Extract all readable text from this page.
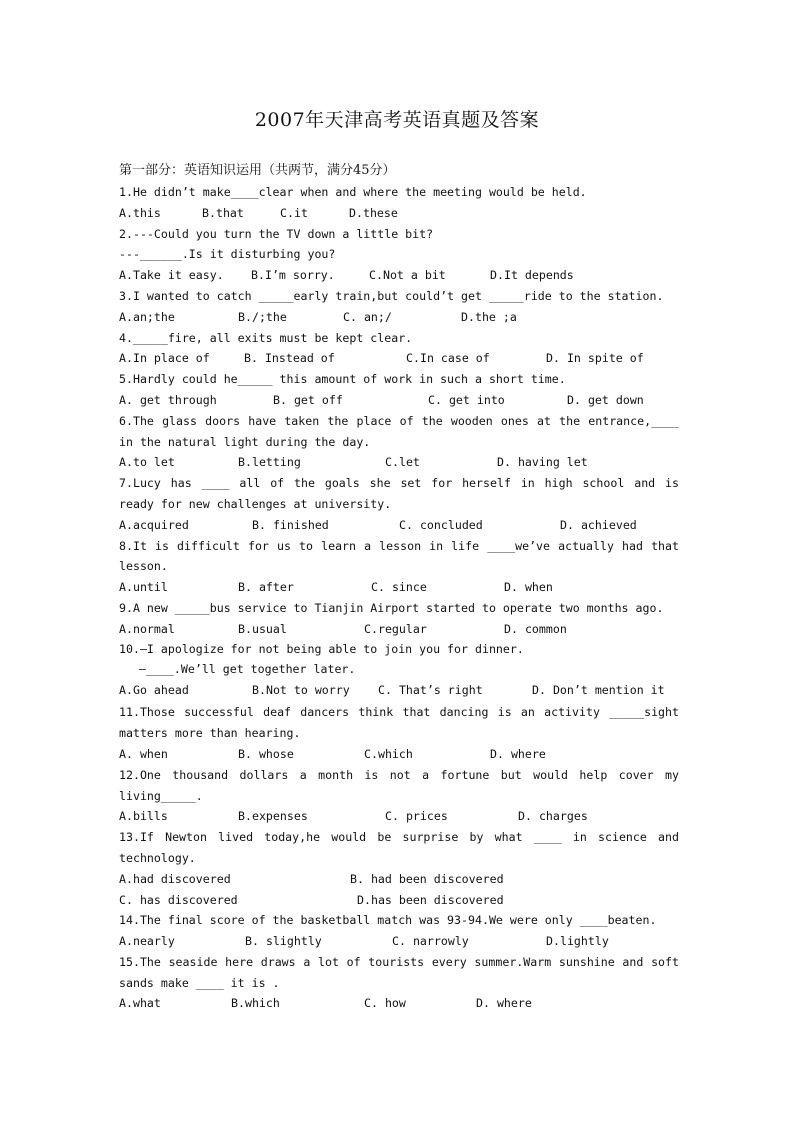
2007年天津高考英语真题及答案
第一部分：英语知识运用（共两节，满分45分）
1.He didn’t make____clear when and where the meeting would be held.

A.this

	B.that

	C.it

	D.these

2.---Could you turn the TV down a little bit?
---______.Is it disturbing you?

A.Take it easy.

B.I’m sorry.

	C.Not a bit

	D.It depends

3.I wanted to catch _____early train,but could’t get _____ride to the station.

A.an;the

	B./;the

	C. an;/

	D.the ;a

4._____fire, all exits must be kept clear.

A.In place of

	B. Instead of

	C.In case of

	D. In spite of

5.Hardly could he_____ this amount of work in such a short time.

A. get through

	B. get off

	C. get into

	D. get down

6.The glass doors have taken the place of the wooden ones at the entrance,____
in the natural light during the day.

A.to let

	B.letting

	C.let

	D. having let

7.Lucy has ____ all of the goals she set for herself in high school and is
ready for new challenges at university.

A.acquired

	B. finished

	C. concluded

	D. achieved

8.It is difficult for us to learn a lesson in life ____we’ve actually had that
lesson.

A.until

	B. after

	C. since

	D. when

9.A new _____bus service to Tianjin Airport started to operate two months ago.

A.normal

	B.usual

	C.regular

	D. common

10.—I apologize for not being able to join you for dinner.
—____.We’ll get together later.

A.Go ahead

	B.Not to worry

C. That’s right

	D. Don’t mention it

11.Those successful deaf dancers think that dancing is an activity _____sight
matters more than hearing.

A. when

	B. whose

	C.which

	D. where

12.One thousand dollars a month is not a fortune but would help cover my
living_____.

A.bills

	B.expenses

	C. prices

	D. charges

13.If Newton lived today,he would be surprise by what ____ in science and
technology.

A.had discovered

	B. had been discovered

C. has discovered

	D.has been discovered

14.The final score of the basketball match was 93-94.We were only ____beaten.

A.nearly

	B. slightly

	C. narrowly

	D.lightly

15.The seaside here draws a lot of tourists every summer.Warm sunshine and soft
sands make ____ it is .

A.what

	B.which

	C. how

	D. where
